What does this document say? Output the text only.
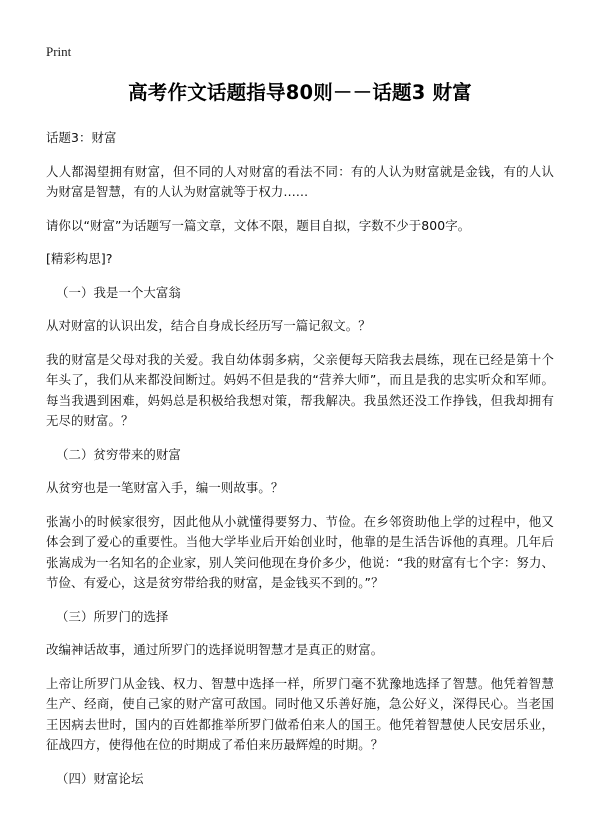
Print
高考作文话题指导80则－－话题3 财富

话题3：财富

人人都渴望拥有财富，但不同的人对财富的看法不同：有的人认为财富就是金钱，有的人认为财富是智慧，有的人认为财富就等于权力……

请你以“财富”为话题写一篇文章，文体不限，题目自拟，字数不少于800字。

[精彩构思]?

（一）我是一个大富翁

从对财富的认识出发，结合自身成长经历写一篇记叙文。？

我的财富是父母对我的关爱。我自幼体弱多病，父亲便每天陪我去晨练，现在已经是第十个年头了，我们从来都没间断过。妈妈不但是我的“营养大师”，而且是我的忠实听众和军师。每当我遇到困难，妈妈总是积极给我想对策，帮我解决。我虽然还没工作挣钱，但我却拥有无尽的财富。？

（二）贫穷带来的财富

从贫穷也是一笔财富入手，编一则故事。？

张嵩小的时候家很穷，因此他从小就懂得要努力、节俭。在乡邻资助他上学的过程中，他又体会到了爱心的重要性。当他大学毕业后开始创业时，他靠的是生活告诉他的真理。几年后张嵩成为一名知名的企业家，别人笑问他现在身价多少，他说：“我的财富有七个字：努力、节俭、有爱心，这是贫穷带给我的财富，是金钱买不到的。”？

（三）所罗门的选择

改编神话故事，通过所罗门的选择说明智慧才是真正的财富。

上帝让所罗门从金钱、权力、智慧中选择一样，所罗门毫不犹豫地选择了智慧。他凭着智慧生产、经商，使自己家的财产富可敌国。同时他又乐善好施，急公好义，深得民心。当老国王因病去世时，国内的百姓都推举所罗门做希伯来人的国王。他凭着智慧使人民安居乐业，征战四方，使得他在位的时期成了希伯来历最辉煌的时期。？

（四）财富论坛
